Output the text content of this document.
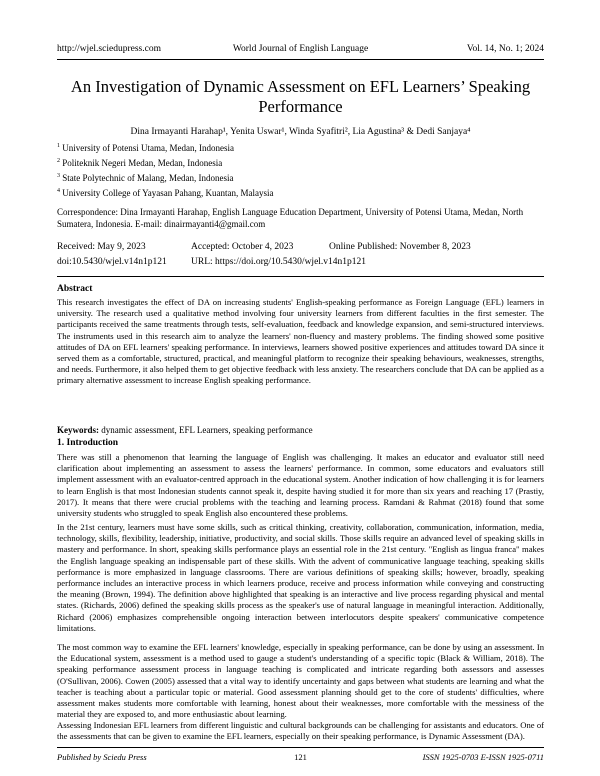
http://wjel.sciedupress.com	World Journal of English Language	Vol. 14, No. 1; 2024
An Investigation of Dynamic Assessment on EFL Learners’ Speaking Performance
Dina Irmayanti Harahap¹, Yenita Uswar¹, Winda Syafitri², Lia Agustina³ & Dedi Sanjaya⁴
$^1$ University of Potensi Utama, Medan, Indonesia
$^2$ Politeknik Negeri Medan, Medan, Indonesia
$^3$ State Polytechnic of Malang, Medan, Indonesia
$^4$ University College of Yayasan Pahang, Kuantan, Malaysia
Correspondence: Dina Irmayanti Harahap, English Language Education Department, University of Potensi Utama, Medan, North Sumatera, Indonesia. E-mail: dinairmayanti4@gmail.com
Received: May 9, 2023	Accepted: October 4, 2023	Online Published: November 8, 2023
doi:10.5430/wjel.v14n1p121	URL: https://doi.org/10.5430/wjel.v14n1p121
Abstract

This research investigates the effect of DA on increasing students' English-speaking performance as Foreign Language (EFL) learners in university. The research used a qualitative method involving four university learners from different faculties in the first semester. The participants received the same treatments through tests, self-evaluation, feedback and knowledge expansion, and semi-structured interviews. The instruments used in this research aim to analyze the learners' non-fluency and mastery problems. The finding showed some positive attitudes of DA on EFL learners' speaking performance. In interviews, learners showed positive experiences and attitudes toward DA since it served them as a comfortable, structured, practical, and meaningful platform to recognize their speaking behaviours, weaknesses, strengths, and needs. Furthermore, it also helped them to get objective feedback with less anxiety. The researchers conclude that DA can be applied as a primary alternative assessment to increase English speaking performance.

Keywords: dynamic assessment, EFL Learners, speaking performance
1. Introduction

There was still a phenomenon that learning the language of English was challenging. It makes an educator and evaluator still need clarification about implementing an assessment to assess the learners' performance. In common, some educators and evaluators still implement assessment with an evaluator-centred approach in the educational system. Another indication of how challenging it is for learners to learn English is that most Indonesian students cannot speak it, despite having studied it for more than six years and reaching 17 (Prastiy, 2017). It means that there were crucial problems with the teaching and learning process. Ramdani & Rahmat (2018) found that some university students who struggled to speak English also encountered these problems.

In the 21st century, learners must have some skills, such as critical thinking, creativity, collaboration, communication, information, media, technology, skills, flexibility, leadership, initiative, productivity, and social skills. Those skills require an advanced level of speaking skills in mastery and performance. In short, speaking skills performance plays an essential role in the 21st century. "English as lingua franca" makes the English language speaking an indispensable part of these skills. With the advent of communicative language teaching, speaking skills performance is more emphasized in language classrooms. There are various definitions of speaking skills; however, broadly, speaking performance includes an interactive process in which learners produce, receive and process information while conveying and constructing the meaning (Brown, 1994). The definition above highlighted that speaking is an interactive and live process regarding physical and mental states. (Richards, 2006) defined the speaking skills process as the speaker's use of natural language in meaningful interaction. Additionally, Richard (2006) emphasizes comprehensible ongoing interaction between interlocutors despite speakers' communicative competence limitations.

The most common way to examine the EFL learners' knowledge, especially in speaking performance, can be done by using an assessment. In the Educational system, assessment is a method used to gauge a student's understanding of a specific topic (Black & William, 2018). The speaking performance assessment process in language teaching is complicated and intricate regarding both assessors and assesses (O'Sullivan, 2006). Cowen (2005) assessed that a vital way to identify uncertainty and gaps between what students are learning and what the teacher is teaching about a particular topic or material. Good assessment planning should get to the core of students' difficulties, where assessment makes students more comfortable with learning, honest about their weaknesses, more comfortable with the messiness of the material they are exposed to, and more enthusiastic about learning.

Assessing Indonesian EFL learners from different linguistic and cultural backgrounds can be challenging for assistants and educators. One of the assessments that can be given to examine the EFL learners, especially on their speaking performance, is Dynamic Assessment (DA).

Published by Sciedu Press	121	ISSN 1925-0703 E-ISSN 1925-0711
